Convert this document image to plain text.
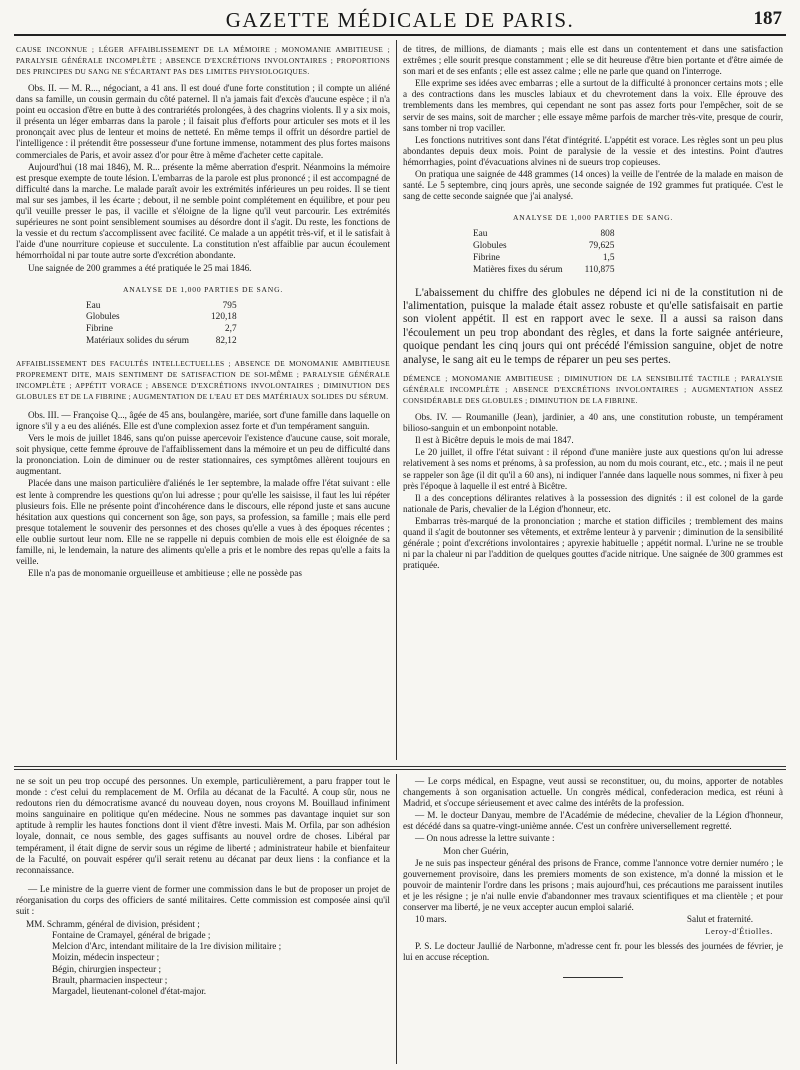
GAZETTE MÉDICALE DE PARIS.	187

CAUSE INCONNUE ; LÉGER AFFAIBLISSEMENT DE LA MÉMOIRE ; MONOMANIE AMBITIEUSE ; PARALYSIE GÉNÉRALE INCOMPLÈTE ; ABSENCE D'EXCRÉTIONS INVOLONTAIRES ; PROPORTIONS DES PRINCIPES DU SANG NE S'ÉCARTANT PAS DES LIMITES PHYSIOLOGIQUES.

Obs. II. — M. R..., négociant, a 41 ans. Il est doué d'une forte constitution ; il compte un aliéné dans sa famille, un cousin germain du côté paternel. Il n'a jamais fait d'excès d'aucune espèce ; il n'a point eu occasion d'être en butte à des contrariétés prolongées, à des chagrins violents. Il y a six mois, il présenta un léger embarras dans la parole ; il faisait plus d'efforts pour articuler ses mots et il les prononçait avec plus de lenteur et moins de netteté. En même temps il offrit un désordre partiel de l'intelligence : il prétendit être possesseur d'une fortune immense, notamment des plus fortes maisons commerciales de Paris, et avoir assez d'or pour être à même d'acheter cette capitale.

Aujourd'hui (18 mai 1846), M. R... présente la même aberration d'esprit. Néanmoins la mémoire est presque exempte de toute lésion. L'embarras de la parole est plus prononcé ; il est accompagné de difficulté dans la marche. Le malade paraît avoir les extrémités inférieures un peu roides. Il se tient mal sur ses jambes, il les écarte ; debout, il ne semble point complétement en équilibre, et pour peu qu'il veuille presser le pas, il vacille et s'éloigne de la ligne qu'il veut parcourir. Les extrémités supérieures ne sont point sensiblement soumises au désordre dont il s'agit. Du reste, les fonctions de la vessie et du rectum s'accomplissent avec facilité. Ce malade a un appétit très-vif, et il le satisfait à l'aide d'une nourriture copieuse et succulente. La constitution n'est affaiblie par aucun écoulement hémorrhoïdal ni par toute autre sorte d'excrétion abondante.

Une saignée de 200 grammes a été pratiquée le 25 mai 1846.

ANALYSE DE 1,000 PARTIES DE SANG.
Eau	795
Globules	120,18
Fibrine	2,7
Matériaux solides du sérum	82,12

AFFAIBLISSEMENT DES FACULTÉS INTELLECTUELLES ; ABSENCE DE MONOMANIE AMBITIEUSE PROPREMENT DITE, MAIS SENTIMENT DE SATISFACTION DE SOI-MÊME ; PARALYSIE GÉNÉRALE INCOMPLÈTE ; APPÉTIT VORACE ; ABSENCE D'EXCRÉTIONS INVOLONTAIRES ; DIMINUTION DES GLOBULES ET DE LA FIBRINE ; AUGMENTATION DE L'EAU ET DES MATÉRIAUX SOLIDES DU SÉRUM.

Obs. III. — Françoise Q..., âgée de 45 ans, boulangère, mariée, sort d'une famille dans laquelle on ignore s'il y a eu des aliénés. Elle est d'une complexion assez forte et d'un tempérament sanguin.

Vers le mois de juillet 1846, sans qu'on puisse apercevoir l'existence d'aucune cause, soit morale, soit physique, cette femme éprouve de l'affaiblissement dans la mémoire et un peu de difficulté dans la prononciation. Loin de diminuer ou de rester stationnaires, ces symptômes allèrent toujours en augmentant.

Placée dans une maison particulière d'aliénés le 1er septembre, la malade offre l'état suivant : elle est lente à comprendre les questions qu'on lui adresse ; pour qu'elle les saisisse, il faut les lui répéter plusieurs fois. Elle ne présente point d'incohérence dans le discours, elle répond juste et sans aucune hésitation aux questions qui concernent son âge, son pays, sa profession, sa famille ; mais elle perd presque totalement le souvenir des personnes et des choses qu'elle a vues à des époques récentes ; elle oublie surtout leur nom. Elle ne se rappelle ni depuis combien de mois elle est éloignée de sa famille, ni, le lendemain, la nature des aliments qu'elle a pris et le nombre des repas qu'elle a faits la veille.

Elle n'a pas de monomanie orgueilleuse et ambitieuse ; elle ne possède pas

de titres, de millions, de diamants ; mais elle est dans un contentement et dans une satisfaction extrêmes ; elle sourit presque constamment ; elle se dit heureuse d'être bien portante et d'être aimée de son mari et de ses enfants ; elle est assez calme ; elle ne parle que quand on l'interroge.

Elle exprime ses idées avec embarras ; elle a surtout de la difficulté à prononcer certains mots ; elle a des contractions dans les muscles labiaux et du chevrotement dans la voix. Elle éprouve des tremblements dans les membres, qui cependant ne sont pas assez forts pour l'empêcher, soit de se servir de ses mains, soit de marcher ; elle essaye même parfois de marcher très-vite, presque de courir, sans tomber ni trop vaciller.

Les fonctions nutritives sont dans l'état d'intégrité. L'appétit est vorace. Les règles sont un peu plus abondantes depuis deux mois. Point de paralysie de la vessie et des intestins. Point d'autres hémorrhagies, point d'évacuations alvines ni de sueurs trop copieuses.

On pratiqua une saignée de 448 grammes (14 onces) la veille de l'entrée de la malade en maison de santé. Le 5 septembre, cinq jours après, une seconde saignée de 192 grammes fut pratiquée. C'est le sang de cette seconde saignée que j'ai analysé.

ANALYSE DE 1,000 PARTIES DE SANG.
Eau	808
Globules	79,625
Fibrine	1,5
Matières fixes du sérum	110,875

L'abaissement du chiffre des globules ne dépend ici ni de la constitution ni de l'alimentation, puisque la malade était assez robuste et qu'elle satisfaisait en partie son violent appétit. Il est en rapport avec le sexe. Il a aussi sa raison dans l'écoulement un peu trop abondant des règles, et dans la forte saignée antérieure, quoique pendant les cinq jours qui ont précédé l'émission sanguine, objet de notre analyse, le sang ait eu le temps de réparer un peu ses pertes.

DÉMENCE ; MONOMANIE AMBITIEUSE ; DIMINUTION DE LA SENSIBILITÉ TACTILE ; PARALYSIE GÉNÉRALE INCOMPLÈTE ; ABSENCE D'EXCRÉTIONS INVOLONTAIRES ; AUGMENTATION ASSEZ CONSIDÉRABLE DES GLOBULES ; DIMINUTION DE LA FIBRINE.

Obs. IV. — Roumanille (Jean), jardinier, a 40 ans, une constitution robuste, un tempérament bilioso-sanguin et un embonpoint notable.

Il est à Bicêtre depuis le mois de mai 1847.

Le 20 juillet, il offre l'état suivant : il répond d'une manière juste aux questions qu'on lui adresse relativement à ses noms et prénoms, à sa profession, au nom du mois courant, etc., etc. ; mais il ne peut se rappeler son âge (il dit qu'il a 60 ans), ni indiquer l'année dans laquelle nous sommes, ni fixer à peu près l'époque à laquelle il est entré à Bicêtre.

Il a des conceptions délirantes relatives à la possession des dignités : il est colonel de la garde nationale de Paris, chevalier de la Légion d'honneur, etc.

Embarras très-marqué de la prononciation ; marche et station difficiles ; tremblement des mains quand il s'agit de boutonner ses vêtements, et extrême lenteur à y parvenir ; diminution de la sensibilité générale ; point d'excrétions involontaires ; apyrexie habituelle ; appétit normal. L'urine ne se trouble ni par la chaleur ni par l'addition de quelques gouttes d'acide nitrique. Une saignée de 300 grammes est pratiquée.

ne se soit un peu trop occupé des personnes. Un exemple, particulièrement, a paru frapper tout le monde : c'est celui du remplacement de M. Orfila au décanat de la Faculté. A coup sûr, nous ne redoutons rien du démocratisme avancé du nouveau doyen, nous croyons M. Bouillaud infiniment moins sanguinaire en politique qu'en médecine. Nous ne sommes pas davantage inquiet sur son aptitude à remplir les hautes fonctions dont il vient d'être investi. Mais M. Orfila, par son adhésion loyale, donnait, ce nous semble, des gages suffisants au nouvel ordre de choses. Libéral par tempérament, il était digne de servir sous un régime de liberté ; administrateur habile et bienfaiteur de la Faculté, on pouvait espérer qu'il serait retenu au décanat par deux liens : la confiance et la reconnaissance.

— Le ministre de la guerre vient de former une commission dans le but de proposer un projet de réorganisation du corps des officiers de santé militaires. Cette commission est composée ainsi qu'il suit :

MM. Schramm, général de division, président ;
Fontaine de Cramayel, général de brigade ;
Melcion d'Arc, intendant militaire de la 1re division militaire ;
Moizin, médecin inspecteur ;
Bégin, chirurgien inspecteur ;
Brault, pharmacien inspecteur ;
Margadel, lieutenant-colonel d'état-major.

— Le corps médical, en Espagne, veut aussi se reconstituer, ou, du moins, apporter de notables changements à son organisation actuelle. Un congrès médical, confederacion medica, est réuni à Madrid, et s'occupe sérieusement et avec calme des intérêts de la profession.

— M. le docteur Danyau, membre de l'Académie de médecine, chevalier de la Légion d'honneur, est décédé dans sa quatre-vingt-unième année. C'est un confrère universellement regretté.

— On nous adresse la lettre suivante :

Mon cher Guérin,

Je ne suis pas inspecteur général des prisons de France, comme l'annonce votre dernier numéro ; le gouvernement provisoire, dans les premiers moments de son existence, m'a donné la mission et le pouvoir de maintenir l'ordre dans les prisons ; mais aujourd'hui, ces précautions me paraissent inutiles et je les résigne ; je n'ai nulle envie d'abandonner mes travaux scientifiques et ma clientèle ; et pour conserver ma liberté, je ne veux accepter aucun emploi salarié.

10 mars.	Salut et fraternité.
Leroy-d'Étiolles.

P. S. Le docteur Jaullié de Narbonne, m'adresse cent fr. pour les blessés des journées de février, je lui en accuse réception.
